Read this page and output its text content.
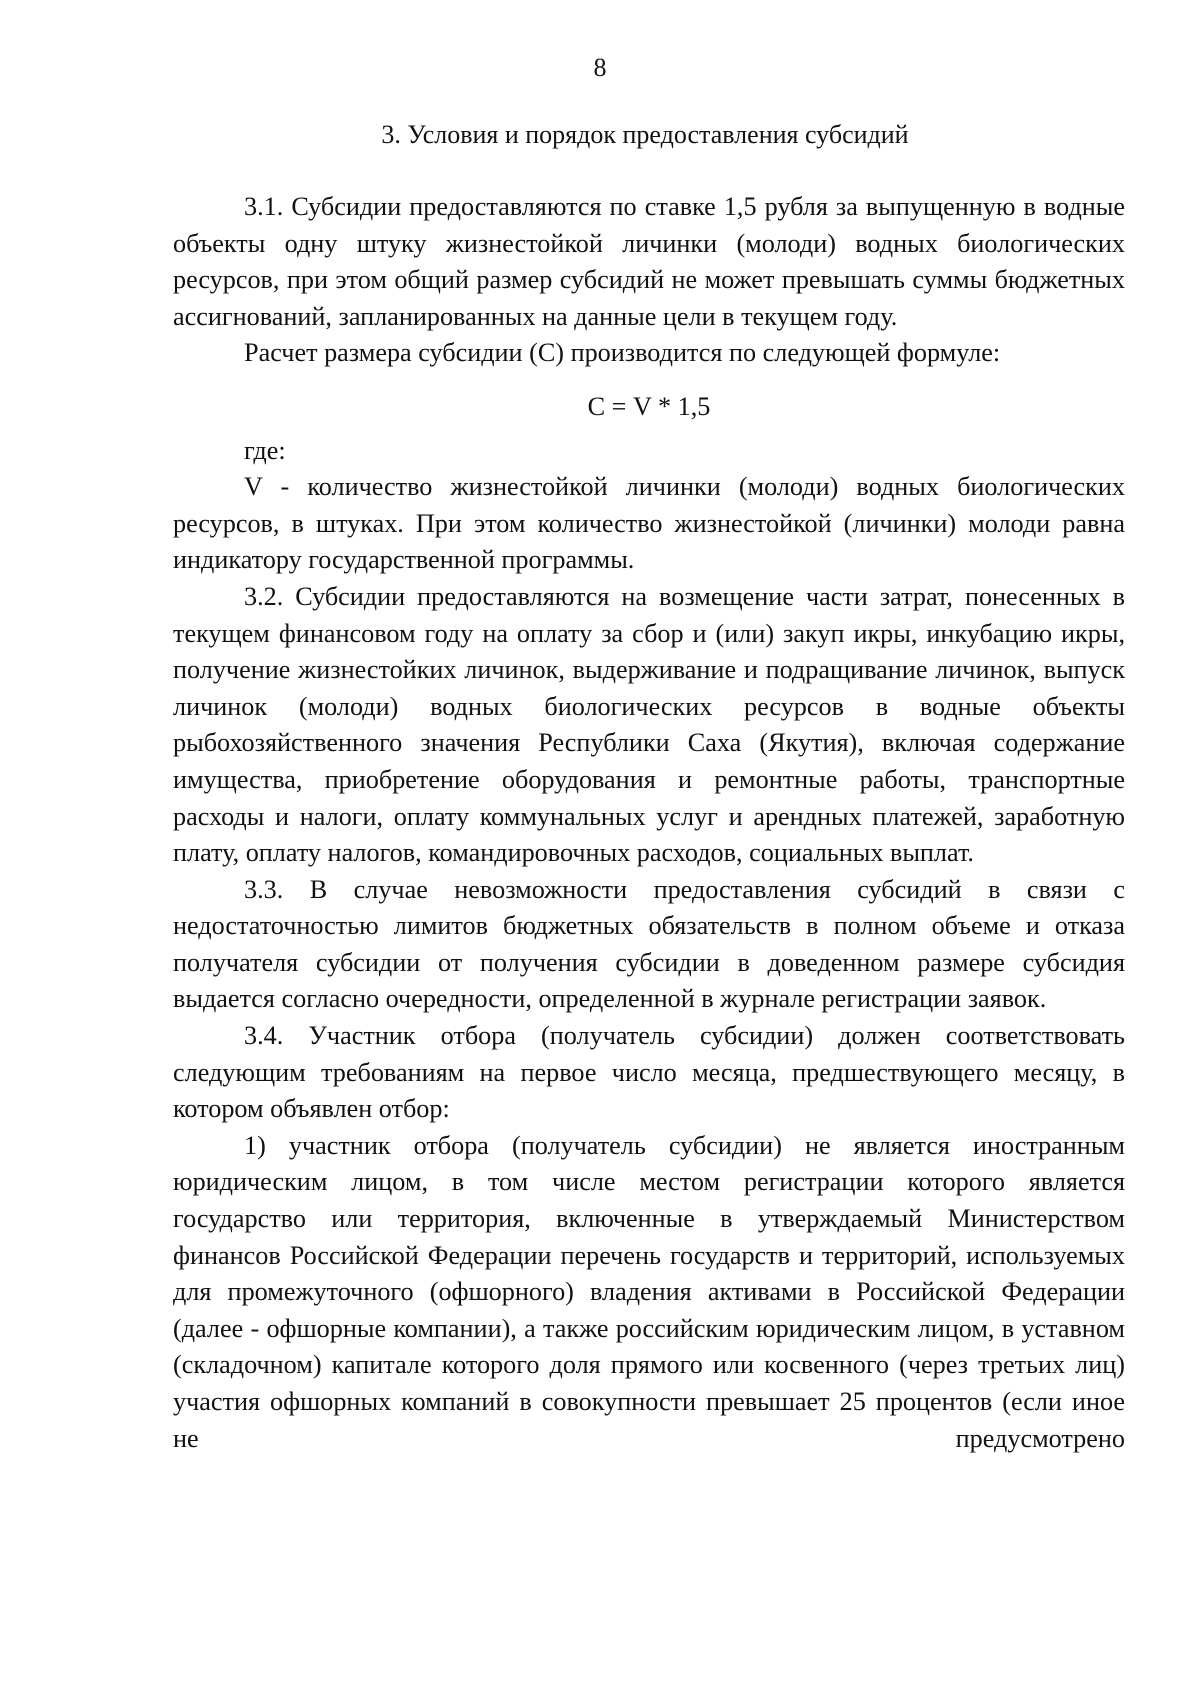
8
3. Условия и порядок предоставления субсидий

3.1. Субсидии предоставляются по ставке 1,5 рубля за выпущенную в водные объекты одну штуку жизнестойкой личинки (молоди) водных биологических ресурсов, при этом общий размер субсидий не может превышать суммы бюджетных ассигнований, запланированных на данные цели в текущем году.

Расчет размера субсидии (С) производится по следующей формуле:

С = V * 1,5

где:

V - количество жизнестойкой личинки (молоди) водных биологических ресурсов, в штуках. При этом количество жизнестойкой (личинки) молоди равна индикатору государственной программы.

3.2. Субсидии предоставляются на возмещение части затрат, понесенных в текущем финансовом году на оплату за сбор и (или) закуп икры, инкубацию икры, получение жизнестойких личинок, выдерживание и подращивание личинок, выпуск личинок (молоди) водных биологических ресурсов в водные объекты рыбохозяйственного значения Республики Саха (Якутия), включая содержание имущества, приобретение оборудования и ремонтные работы, транспортные расходы и налоги, оплату коммунальных услуг и арендных платежей, заработную плату, оплату налогов, командировочных расходов, социальных выплат.

3.3. В случае невозможности предоставления субсидий в связи с недостаточностью лимитов бюджетных обязательств в полном объеме и отказа получателя субсидии от получения субсидии в доведенном размере субсидия выдается согласно очередности, определенной в журнале регистрации заявок.

3.4. Участник отбора (получатель субсидии) должен соответствовать следующим требованиям на первое число месяца, предшествующего месяцу, в котором объявлен отбор:

1) участник отбора (получатель субсидии) не является иностранным юридическим лицом, в том числе местом регистрации которого является государство или территория, включенные в утверждаемый Министерством финансов Российской Федерации перечень государств и территорий, используемых для промежуточного (офшорного) владения активами в Российской Федерации (далее - офшорные компании), а также российским юридическим лицом, в уставном (складочном) капитале которого доля прямого или косвенного (через третьих лиц) участия офшорных компаний в совокупности превышает 25 процентов (если иное не предусмотрено
